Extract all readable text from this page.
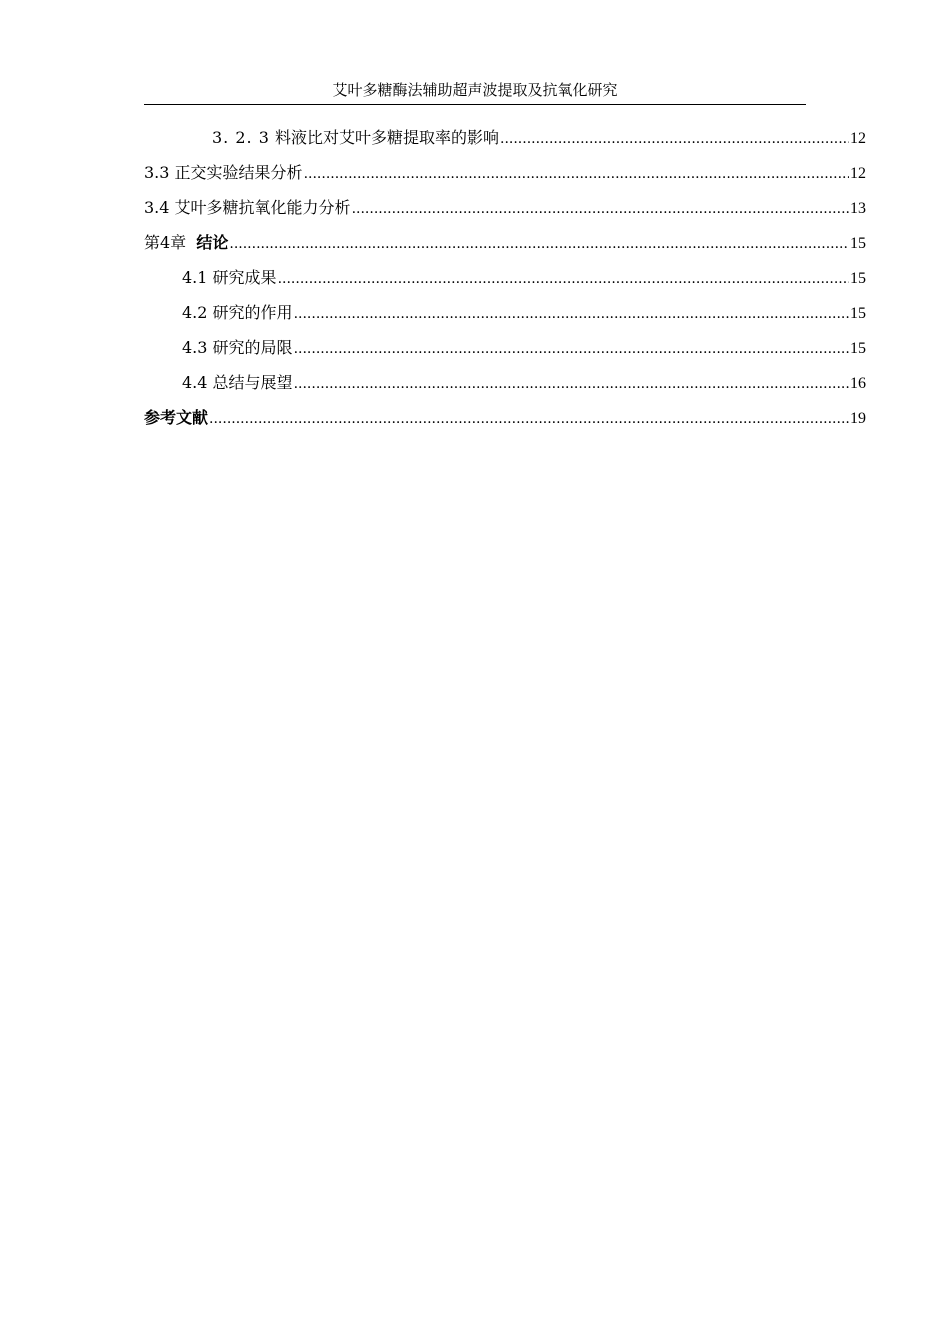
艾叶多糖酶法辅助超声波提取及抗氧化研究
3. 2. 3 料液比对艾叶多糖提取率的影响 .....	12
3.3 正交实验结果分析 .....	12
3.4 艾叶多糖抗氧化能力分析 .....	13
第4章 结论 .....	15
4.1 研究成果 .....	15
4.2 研究的作用 .....	15
4.3 研究的局限 .....	15
4.4 总结与展望 .....	16
参考文献 .....	19
